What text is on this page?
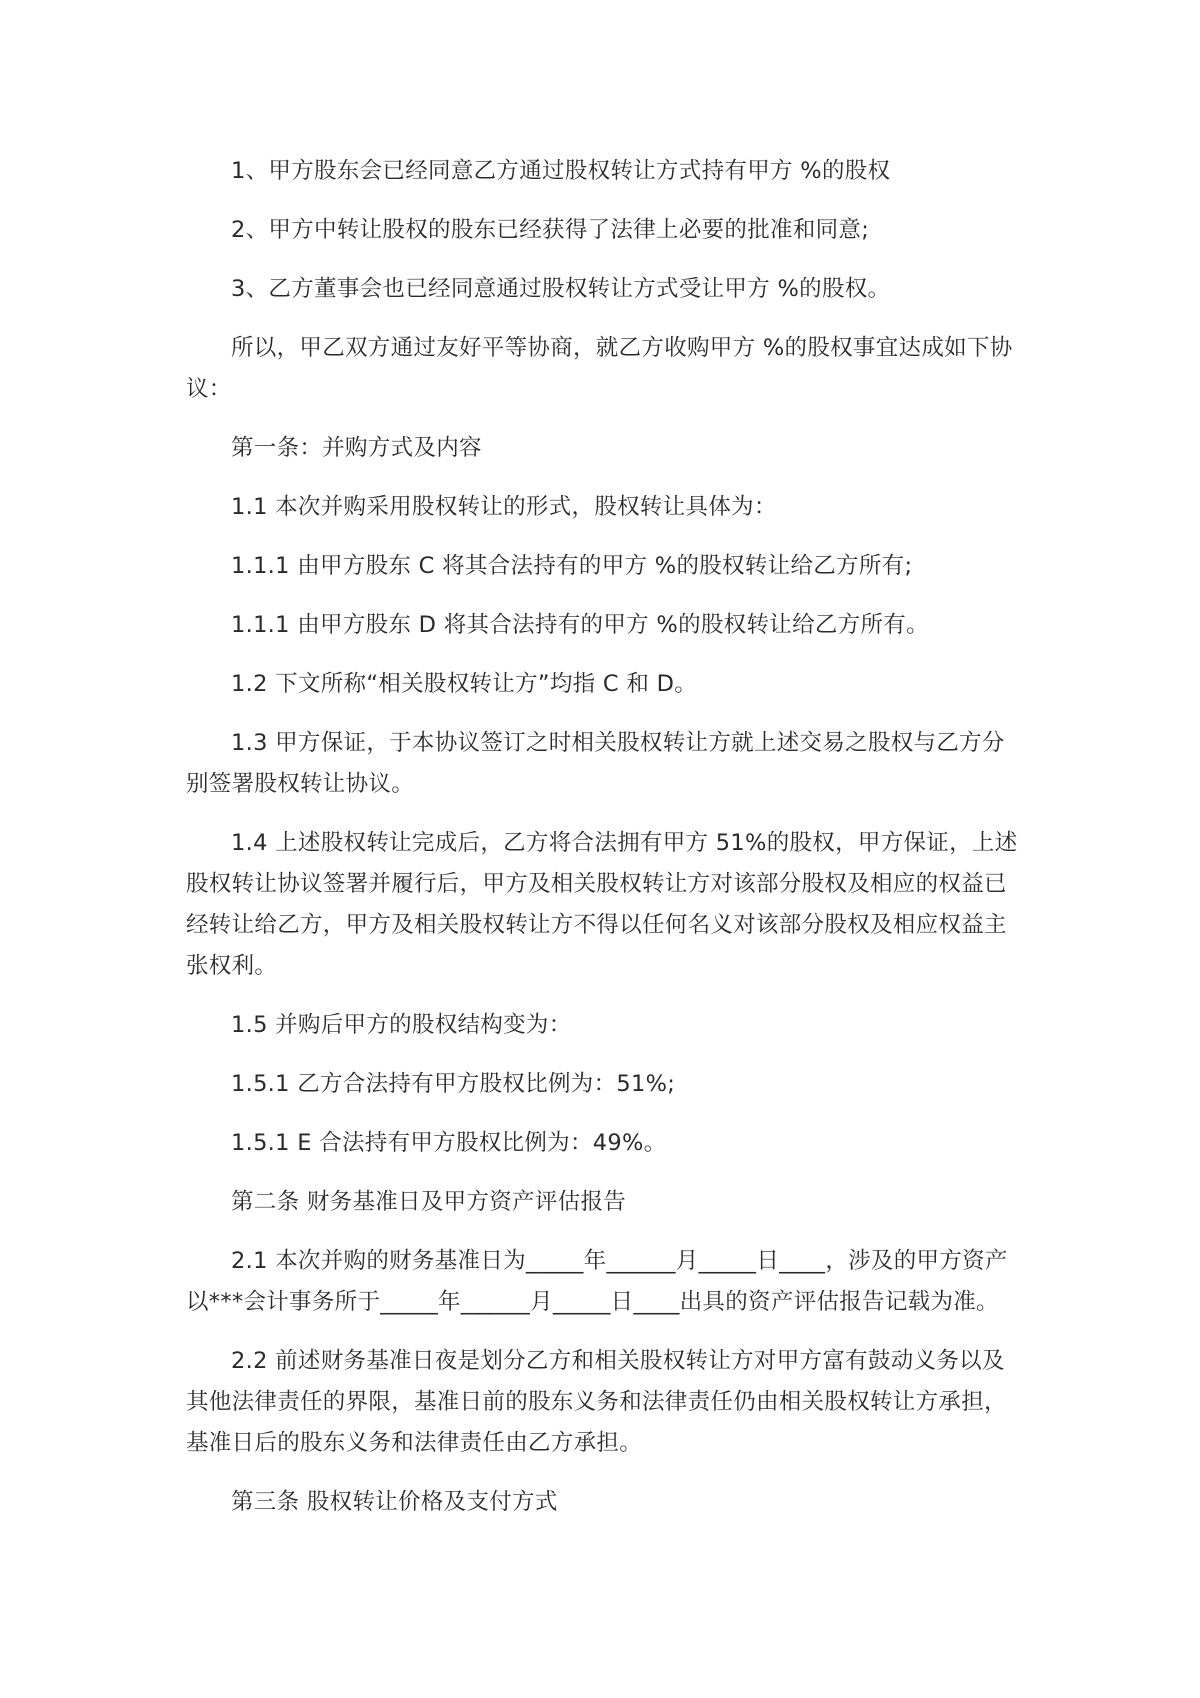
1、甲方股东会已经同意乙方通过股权转让方式持有甲方 %的股权

2、甲方中转让股权的股东已经获得了法律上必要的批准和同意;

3、乙方董事会也已经同意通过股权转让方式受让甲方 %的股权。

所以，甲乙双方通过友好平等协商，就乙方收购甲方 %的股权事宜达成如下协议：

第一条：并购方式及内容

1.1 本次并购采用股权转让的形式，股权转让具体为：

1.1.1 由甲方股东 C 将其合法持有的甲方 %的股权转让给乙方所有;

1.1.1 由甲方股东 D 将其合法持有的甲方 %的股权转让给乙方所有。

1.2 下文所称“相关股权转让方”均指 C 和 D。

1.3 甲方保证，于本协议签订之时相关股权转让方就上述交易之股权与乙方分别签署股权转让协议。

1.4 上述股权转让完成后，乙方将合法拥有甲方 51%的股权，甲方保证，上述股权转让协议签署并履行后，甲方及相关股权转让方对该部分股权及相应的权益已经转让给乙方，甲方及相关股权转让方不得以任何名义对该部分股权及相应权益主张权利。

1.5 并购后甲方的股权结构变为：

1.5.1 乙方合法持有甲方股权比例为：51%;

1.5.1 E 合法持有甲方股权比例为：49%。

第二条 财务基准日及甲方资产评估报告

2.1 本次并购的财务基准日为_____年______月_____日____，涉及的甲方资产以***会计事务所于_____年______月_____日____出具的资产评估报告记载为准。

2.2 前述财务基准日夜是划分乙方和相关股权转让方对甲方富有鼓动义务以及其他法律责任的界限，基准日前的股东义务和法律责任仍由相关股权转让方承担，基准日后的股东义务和法律责任由乙方承担。

第三条 股权转让价格及支付方式
